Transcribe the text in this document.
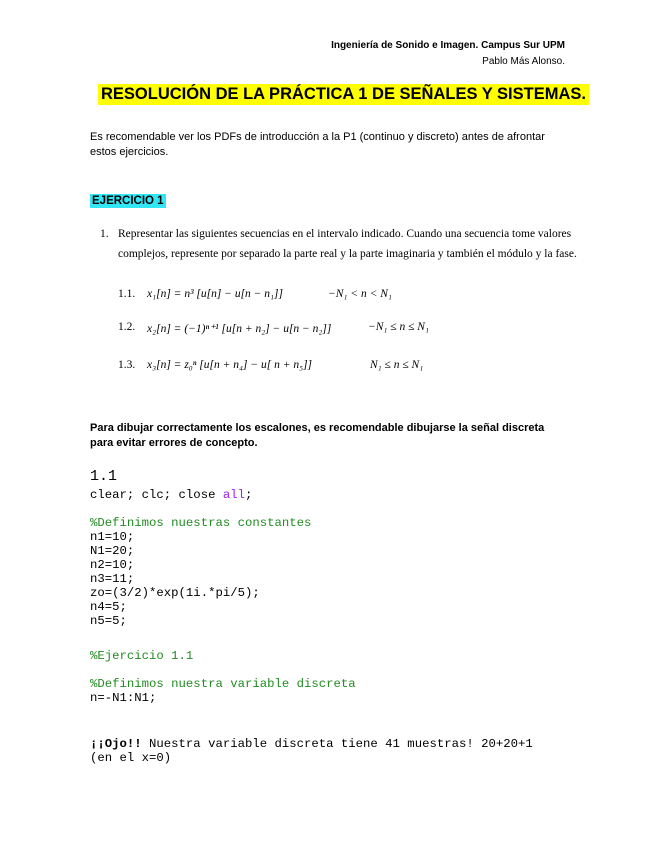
Ingeniería de Sonido e Imagen. Campus Sur UPM
Pablo Más Alonso.
RESOLUCIÓN DE LA PRÁCTICA 1 DE SEÑALES Y SISTEMAS.
Es recomendable ver los PDFs de introducción a la P1 (continuo y discreto) antes de afrontar estos ejercicios.
EJERCICIO 1
1. Representar las siguientes secuencias en el intervalo indicado. Cuando una secuencia tome valores complejos, represente por separado la parte real y la parte imaginaria y también el módulo y la fase.
1.1. x₁[n] = n³ [u[n] − u[n − n₁]]	−N₁ < n < N₁
1.2. x₂[n] = (−1)ⁿ⁺¹ [u[n + n₂] − u[n − n₂]]	−N₁ ≤ n ≤ N₁
1.3. x₃[n] = z₀ⁿ [u[n + n₄] − u[ n + n₅]]	N₁ ≤ n ≤ N₁
Para dibujar correctamente los escalones, es recomendable dibujarse la señal discreta para evitar errores de concepto.
1.1
clear; clc; close all;
%Definimos nuestras constantes
n1=10;
N1=20;
n2=10;
n3=11;
zo=(3/2)*exp(1i.*pi/5);
n4=5;
n5=5;
%Ejercicio 1.1
%Definimos nuestra variable discreta
n=-N1:N1;
¡¡Ojo!! Nuestra variable discreta tiene 41 muestras! 20+20+1
(en el x=0)
